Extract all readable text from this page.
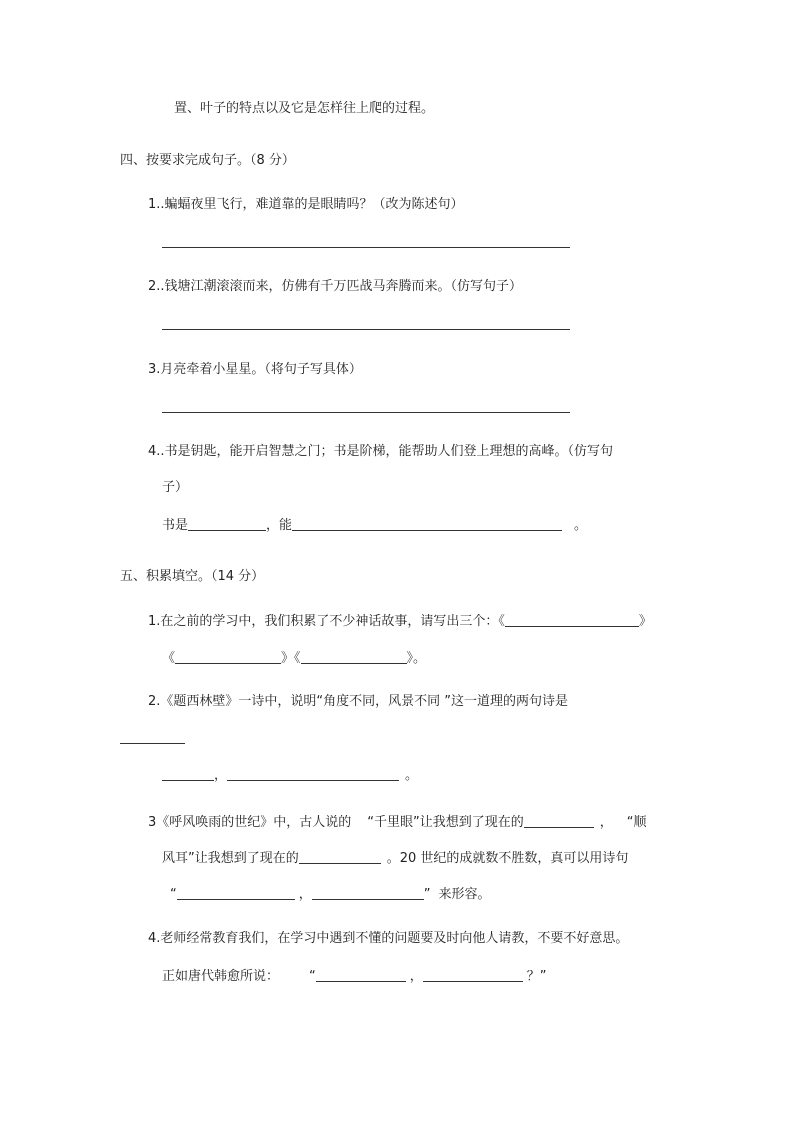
置、叶子的特点以及它是怎样往上爬的过程。
四、按要求完成句子。（8 分）
1..蝙蝠夜里飞行，难道靠的是眼睛吗？（改为陈述句）
2..钱塘江潮滚滚而来，仿佛有千万匹战马奔腾而来。（仿写句子）
3.月亮牵着小星星。（将句子写具体）
4..书是钥匙，能开启智慧之门；书是阶梯，能帮助人们登上理想的高峰。（仿写句
子）
书是	，能	。
五、积累填空。（14 分）
1.在之前的学习中，我们积累了不少神话故事，请写出三个：《	》
《	》《	》。
2.《题西林壁》一诗中，说明“角度不同，风景不同 ”这一道理的两句诗是
，	。
3《呼风唤雨的世纪》中，古人说的 “千里眼”让我想到了现在的	， “顺
风耳”让我想到了现在的	。20 世纪的成就数不胜数，真可以用诗句
“	，	” 来形容。
4.老师经常教育我们，在学习中遇到不懂的问题要及时向他人请教，不要不好意思。
正如唐代韩愈所说： “	，	？”
